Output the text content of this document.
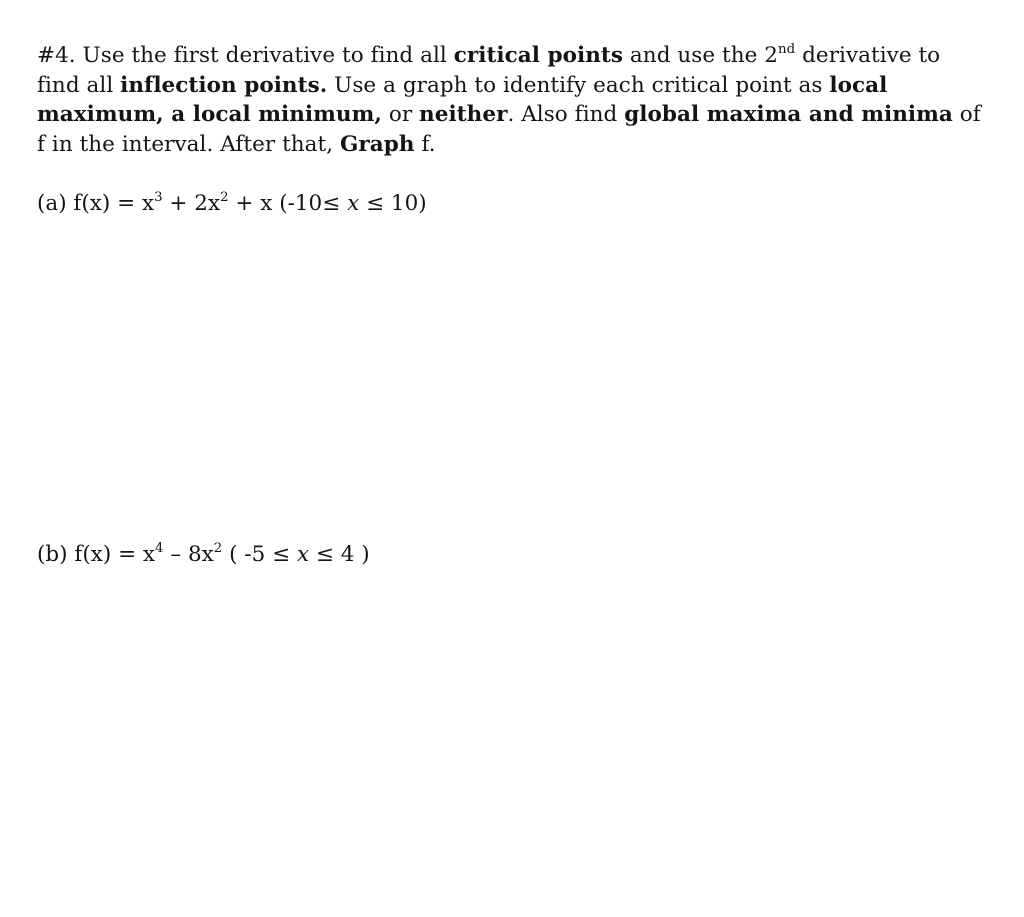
#4. Use the first derivative to find all critical points and use the 2nd derivative to

find all inflection points. Use a graph to identify each critical point as local

maximum, a local minimum, or neither. Also find global maxima and minima of

f in the interval. After that, Graph f.

(a) $f(x) = x^3 + 2x^2 + x$ (-10≤ x ≤ 10)
(b) $f(x) = x^4 - 8x^2$ ( -5 ≤ x ≤ 4 )
